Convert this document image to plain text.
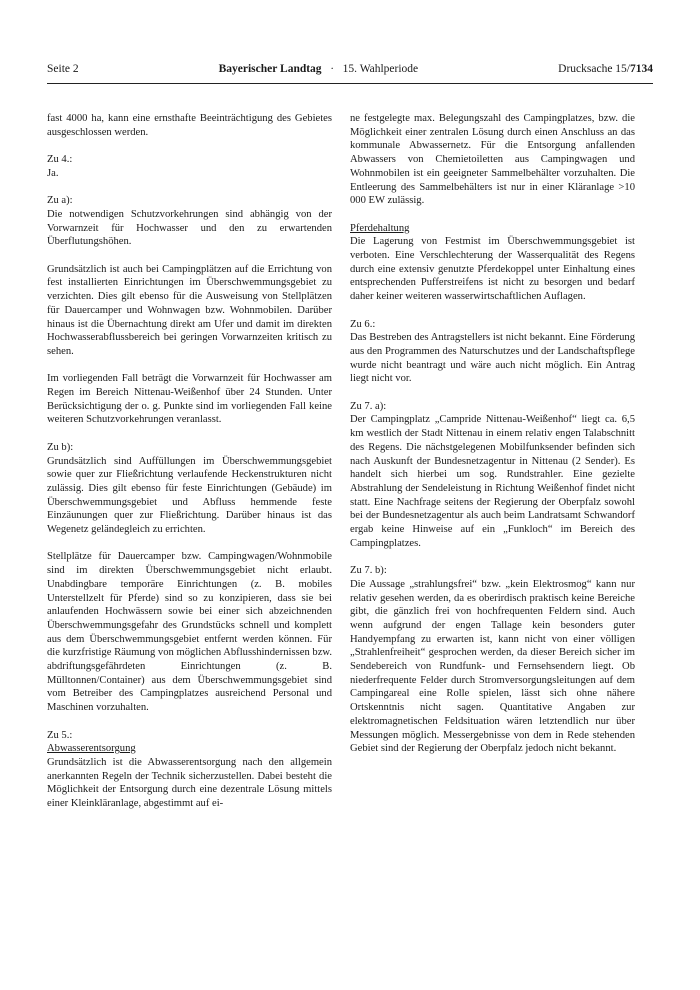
Seite 2	Bayerischer Landtag · 15. Wahlperiode	Drucksache 15/7134

fast 4000 ha, kann eine ernsthafte Beeinträchtigung des Gebietes ausgeschlossen werden.

Zu 4.:

Ja.

Zu a):

Die notwendigen Schutzvorkehrungen sind abhängig von der Vorwarnzeit für Hochwasser und den zu erwartenden Überflutungshöhen.

Grundsätzlich ist auch bei Campingplätzen auf die Errichtung von fest installierten Einrichtungen im Überschwemmungsgebiet zu verzichten. Dies gilt ebenso für die Ausweisung von Stellplätzen für Dauercamper und Wohnwagen bzw. Wohnmobilen. Darüber hinaus ist die Übernachtung direkt am Ufer und damit im direkten Hochwasserabflussbereich bei geringen Vorwarnzeiten kritisch zu sehen.

Im vorliegenden Fall beträgt die Vorwarnzeit für Hochwasser am Regen im Bereich Nittenau-Weißenhof über 24 Stunden. Unter Berücksichtigung der o. g. Punkte sind im vorliegenden Fall keine weiteren Schutzvorkehrungen veranlasst.

Zu b):

Grundsätzlich sind Auffüllungen im Überschwemmungsgebiet sowie quer zur Fließrichtung verlaufende Heckenstrukturen nicht zulässig. Dies gilt ebenso für feste Einrichtungen (Gebäude) im Überschwemmungsgebiet und Abfluss hemmende feste Einzäunungen quer zur Fließrichtung. Darüber hinaus ist das Wegenetz geländegleich zu errichten.

Stellplätze für Dauercamper bzw. Campingwagen/Wohnmobile sind im direkten Überschwemmungsgebiet nicht erlaubt. Unabdingbare temporäre Einrichtungen (z. B. mobiles Unterstellzelt für Pferde) sind so zu konzipieren, dass sie bei anlaufenden Hochwässern sowie bei einer sich abzeichnenden Überschwemmungsgefahr des Grundstücks schnell und komplett aus dem Überschwemmungsgebiet entfernt werden können. Für die kurzfristige Räumung von möglichen Abflusshindernissen bzw. abdriftungsgefährdeten Einrichtungen (z. B. Mülltonnen/Container) aus dem Überschwemmungsgebiet sind vom Betreiber des Campingplatzes ausreichend Personal und Maschinen vorzuhalten.

Zu 5.:

Abwasserentsorgung

Grundsätzlich ist die Abwasserentsorgung nach den allgemein anerkannten Regeln der Technik sicherzustellen. Dabei besteht die Möglichkeit der Entsorgung durch eine dezentrale Lösung mittels einer Kleinkläranlage, abgestimmt auf ei-

ne festgelegte max. Belegungszahl des Campingplatzes, bzw. die Möglichkeit einer zentralen Lösung durch einen Anschluss an das kommunale Abwassernetz. Für die Entsorgung anfallenden Abwassers von Chemietoiletten aus Campingwagen und Wohnmobilen ist ein geeigneter Sammelbehälter vorzuhalten. Die Entleerung des Sammelbehälters ist nur in einer Kläranlage >10 000 EW zulässig.

Pferdehaltung

Die Lagerung von Festmist im Überschwemmungsgebiet ist verboten. Eine Verschlechterung der Wasserqualität des Regens durch eine extensiv genutzte Pferdekoppel unter Einhaltung eines entsprechenden Pufferstreifens ist nicht zu besorgen und bedarf daher keiner weiteren wasserwirtschaftlichen Auflagen.

Zu 6.:

Das Bestreben des Antragstellers ist nicht bekannt. Eine Förderung aus den Programmen des Naturschutzes und der Landschaftspflege wurde nicht beantragt und wäre auch nicht möglich. Ein Antrag liegt nicht vor.

Zu 7. a):

Der Campingplatz „Campride Nittenau-Weißenhof“ liegt ca. 6,5 km westlich der Stadt Nittenau in einem relativ engen Talabschnitt des Regens. Die nächstgelegenen Mobilfunksender befinden sich nach Auskunft der Bundesnetzagentur in Nittenau (2 Sender). Es handelt sich hierbei um sog. Rundstrahler. Eine gezielte Abstrahlung der Sendeleistung in Richtung Weißenhof findet nicht statt. Eine Nachfrage seitens der Regierung der Oberpfalz sowohl bei der Bundesnetzagentur als auch beim Landratsamt Schwandorf ergab keine Hinweise auf ein „Funkloch“ im Bereich des Campingplatzes.

Zu 7. b):

Die Aussage „strahlungsfrei“ bzw. „kein Elektrosmog“ kann nur relativ gesehen werden, da es oberirdisch praktisch keine Bereiche gibt, die gänzlich frei von hochfrequenten Feldern sind. Auch wenn aufgrund der engen Tallage kein besonders guter Handyempfang zu erwarten ist, kann nicht von einer völligen „Strahlenfreiheit“ gesprochen werden, da dieser Bereich sicher im Sendebereich von Rundfunk- und Fernsehsendern liegt. Ob niederfrequente Felder durch Stromversorgungsleitungen auf dem Campingareal eine Rolle spielen, lässt sich ohne nähere Ortskenntnis nicht sagen. Quantitative Angaben zur elektromagnetischen Feldsituation wären letztendlich nur über Messungen möglich. Messergebnisse von dem in Rede stehenden Gebiet sind der Regierung der Oberpfalz jedoch nicht bekannt.
